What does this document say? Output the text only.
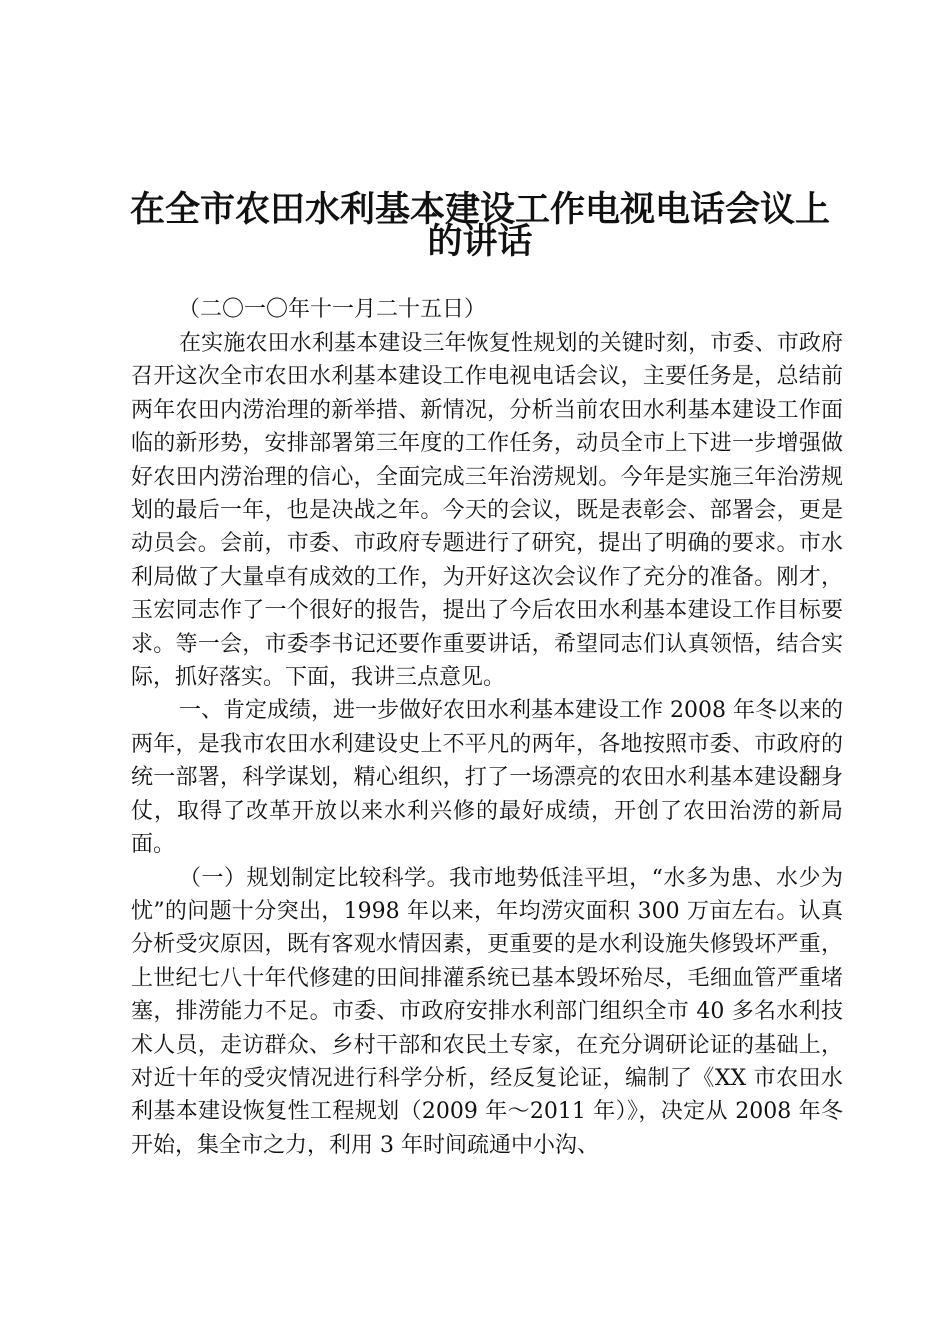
在全市农田水利基本建设工作电视电话会议上
的讲话

（二〇一〇年十一月二十五日）

在实施农田水利基本建设三年恢复性规划的关键时刻，市委、市政府召开这次全市农田水利基本建设工作电视电话会议，主要任务是，总结前两年农田内涝治理的新举措、新情况，分析当前农田水利基本建设工作面临的新形势，安排部署第三年度的工作任务，动员全市上下进一步增强做好农田内涝治理的信心，全面完成三年治涝规划。今年是实施三年治涝规划的最后一年，也是决战之年。今天的会议，既是表彰会、部署会，更是动员会。会前，市委、市政府专题进行了研究，提出了明确的要求。市水利局做了大量卓有成效的工作，为开好这次会议作了充分的准备。刚才，玉宏同志作了一个很好的报告，提出了今后农田水利基本建设工作目标要求。等一会，市委李书记还要作重要讲话，希望同志们认真领悟，结合实际，抓好落实。下面，我讲三点意见。

一、肯定成绩，进一步做好农田水利基本建设工作 2008 年冬以来的两年，是我市农田水利建设史上不平凡的两年，各地按照市委、市政府的统一部署，科学谋划，精心组织，打了一场漂亮的农田水利基本建设翻身仗，取得了改革开放以来水利兴修的最好成绩，开创了农田治涝的新局面。

（一）规划制定比较科学。我市地势低洼平坦，“水多为患、水少为忧”的问题十分突出，1998 年以来，年均涝灾面积 300 万亩左右。认真分析受灾原因，既有客观水情因素，更重要的是水利设施失修毁坏严重，上世纪七八十年代修建的田间排灌系统已基本毁坏殆尽，毛细血管严重堵塞，排涝能力不足。市委、市政府安排水利部门组织全市 40 多名水利技术人员，走访群众、乡村干部和农民土专家，在充分调研论证的基础上，对近十年的受灾情况进行科学分析，经反复论证，编制了《XX 市农田水利基本建设恢复性工程规划（2009 年～2011 年）》，决定从 2008 年冬开始，集全市之力，利用 3 年时间疏通中小沟、
